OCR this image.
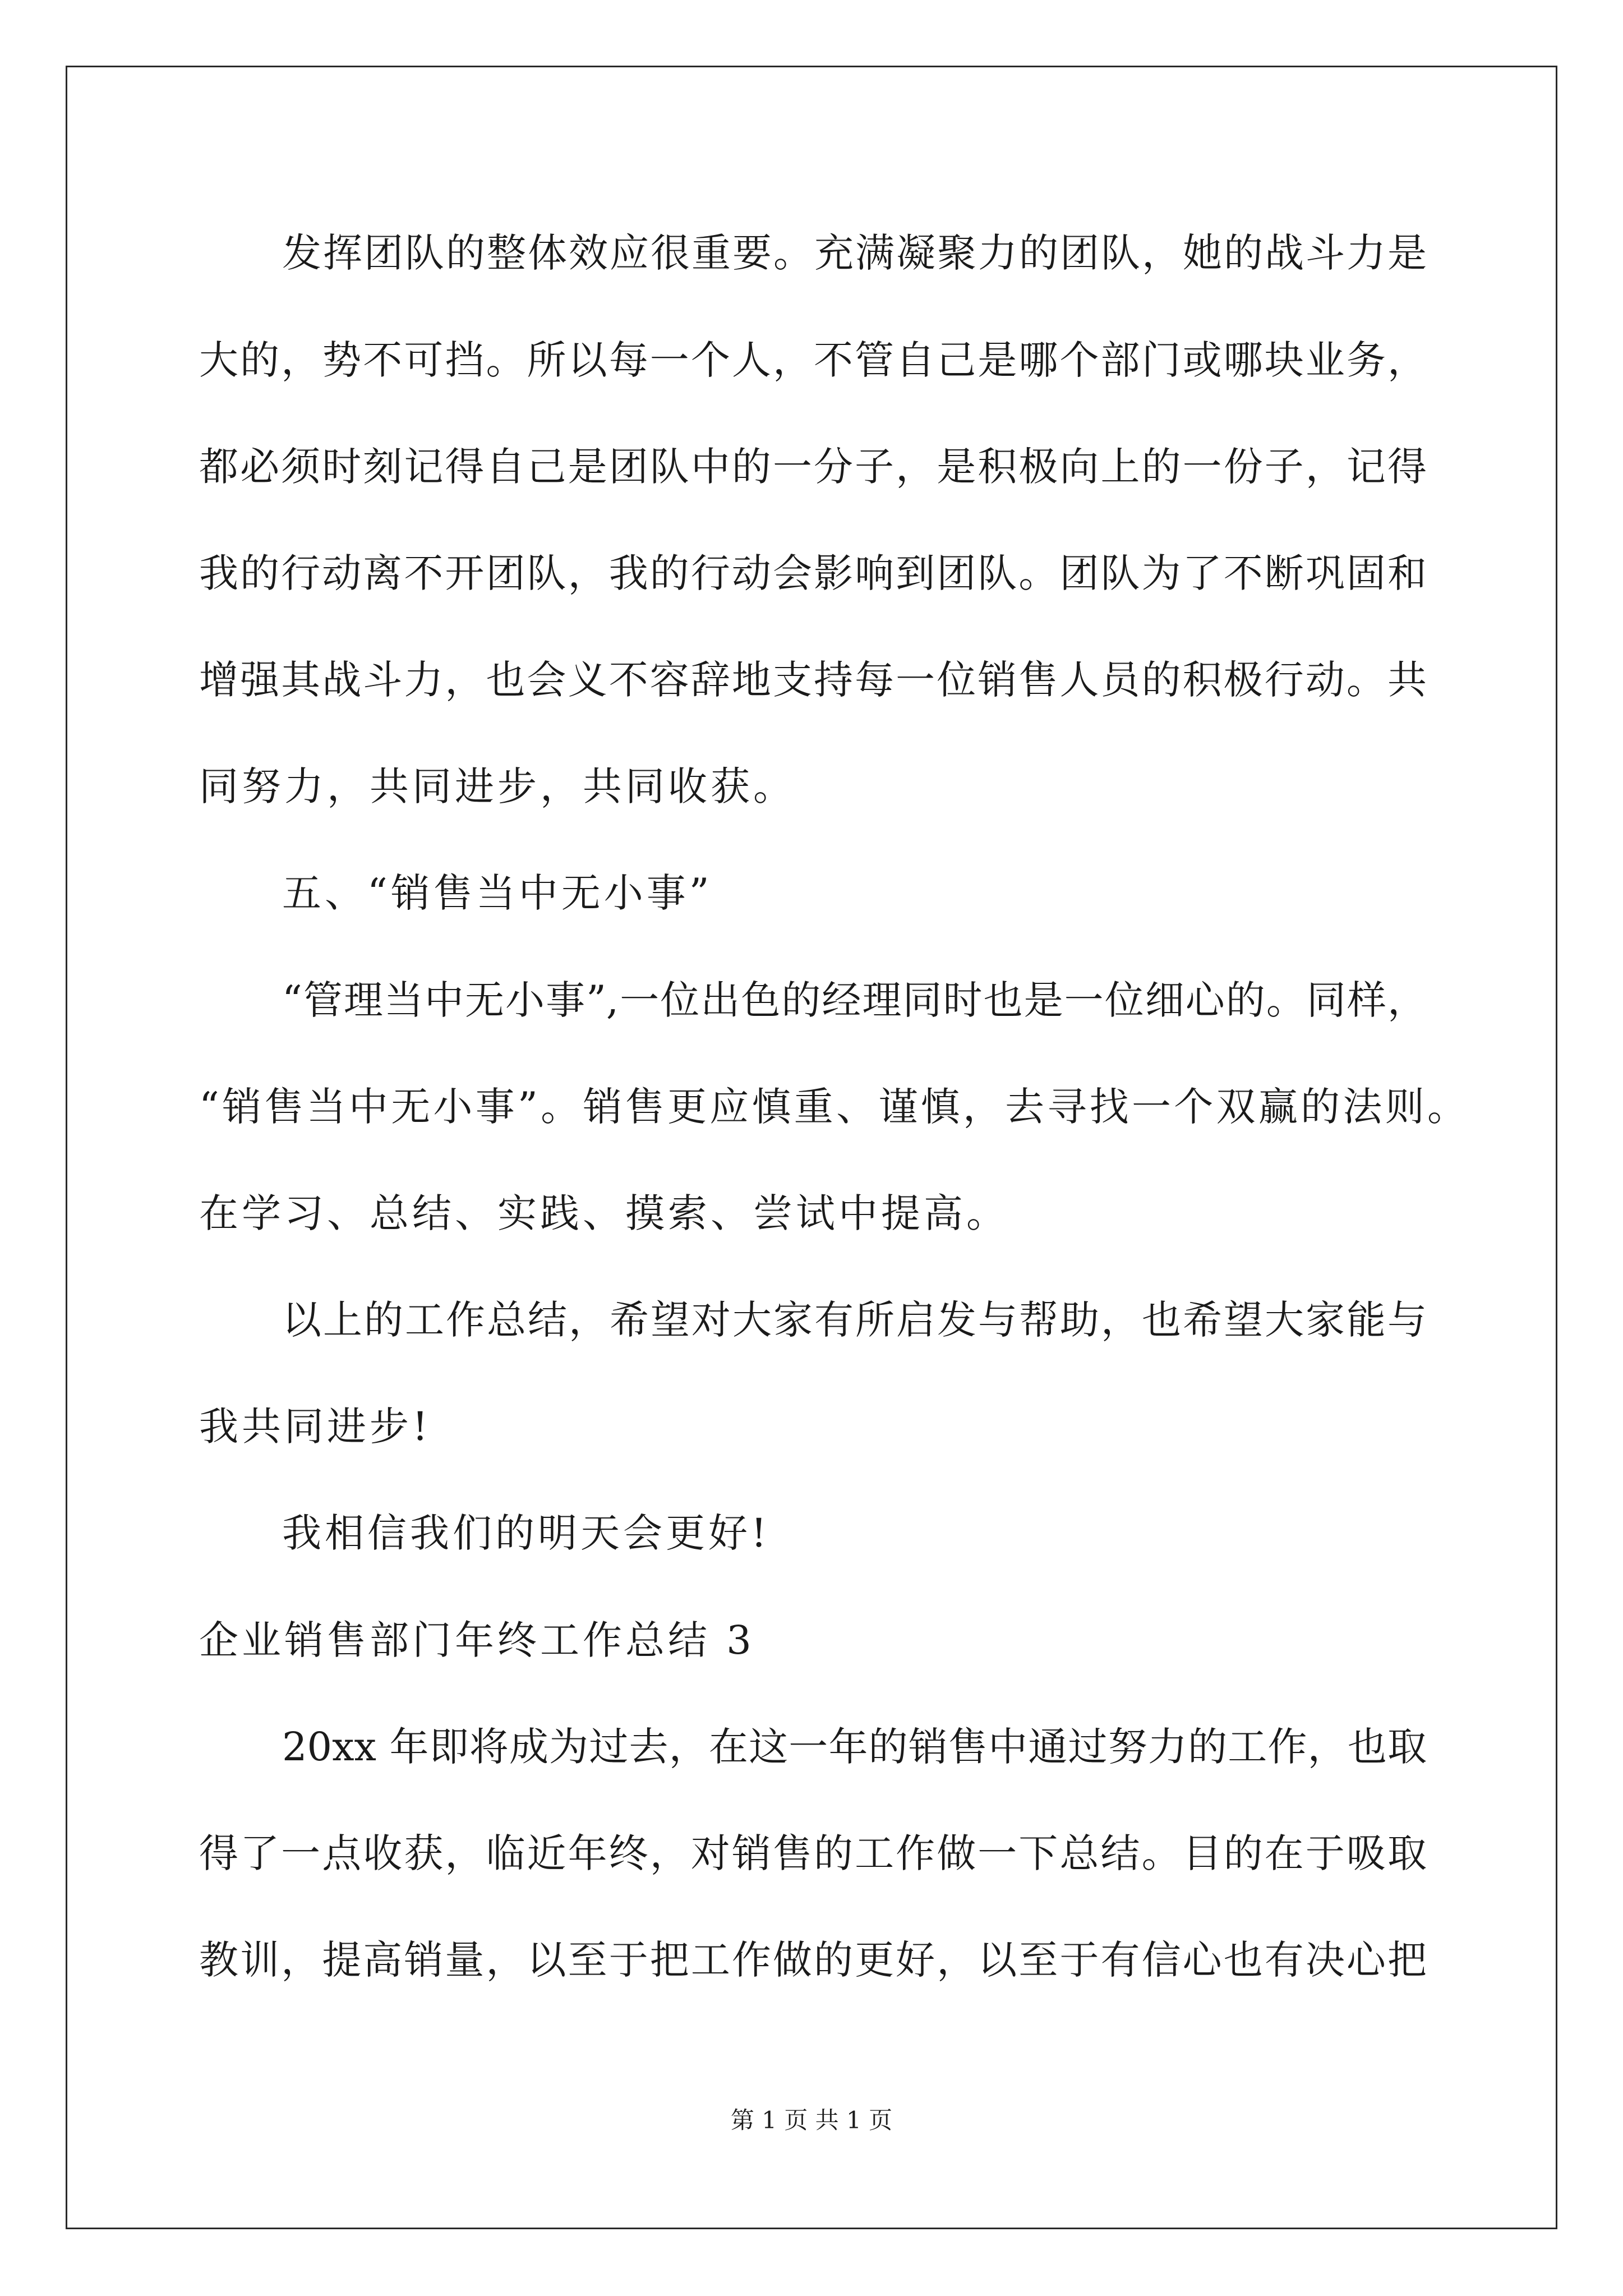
发挥团队的整体效应很重要。充满凝聚力的团队，她的战斗力是

大的，势不可挡。所以每一个人，不管自己是哪个部门或哪块业务，

都必须时刻记得自己是团队中的一分子，是积极向上的一份子，记得

我的行动离不开团队，我的行动会影响到团队。团队为了不断巩固和

增强其战斗力，也会义不容辞地支持每一位销售人员的积极行动。共

同努力，共同进步，共同收获。

五、“销售当中无小事”

“管理当中无小事”,一位出色的经理同时也是一位细心的。同样，

“销售当中无小事”。销售更应慎重、谨慎，去寻找一个双赢的法则。

在学习、总结、实践、摸索、尝试中提高。

以上的工作总结，希望对大家有所启发与帮助，也希望大家能与

我共同进步!

我相信我们的明天会更好!

企业销售部门年终工作总结 3

20xx 年即将成为过去，在这一年的销售中通过努力的工作，也取

得了一点收获，临近年终，对销售的工作做一下总结。目的在于吸取

教训，提高销量，以至于把工作做的更好，以至于有信心也有决心把

第 1 页 共 1 页
